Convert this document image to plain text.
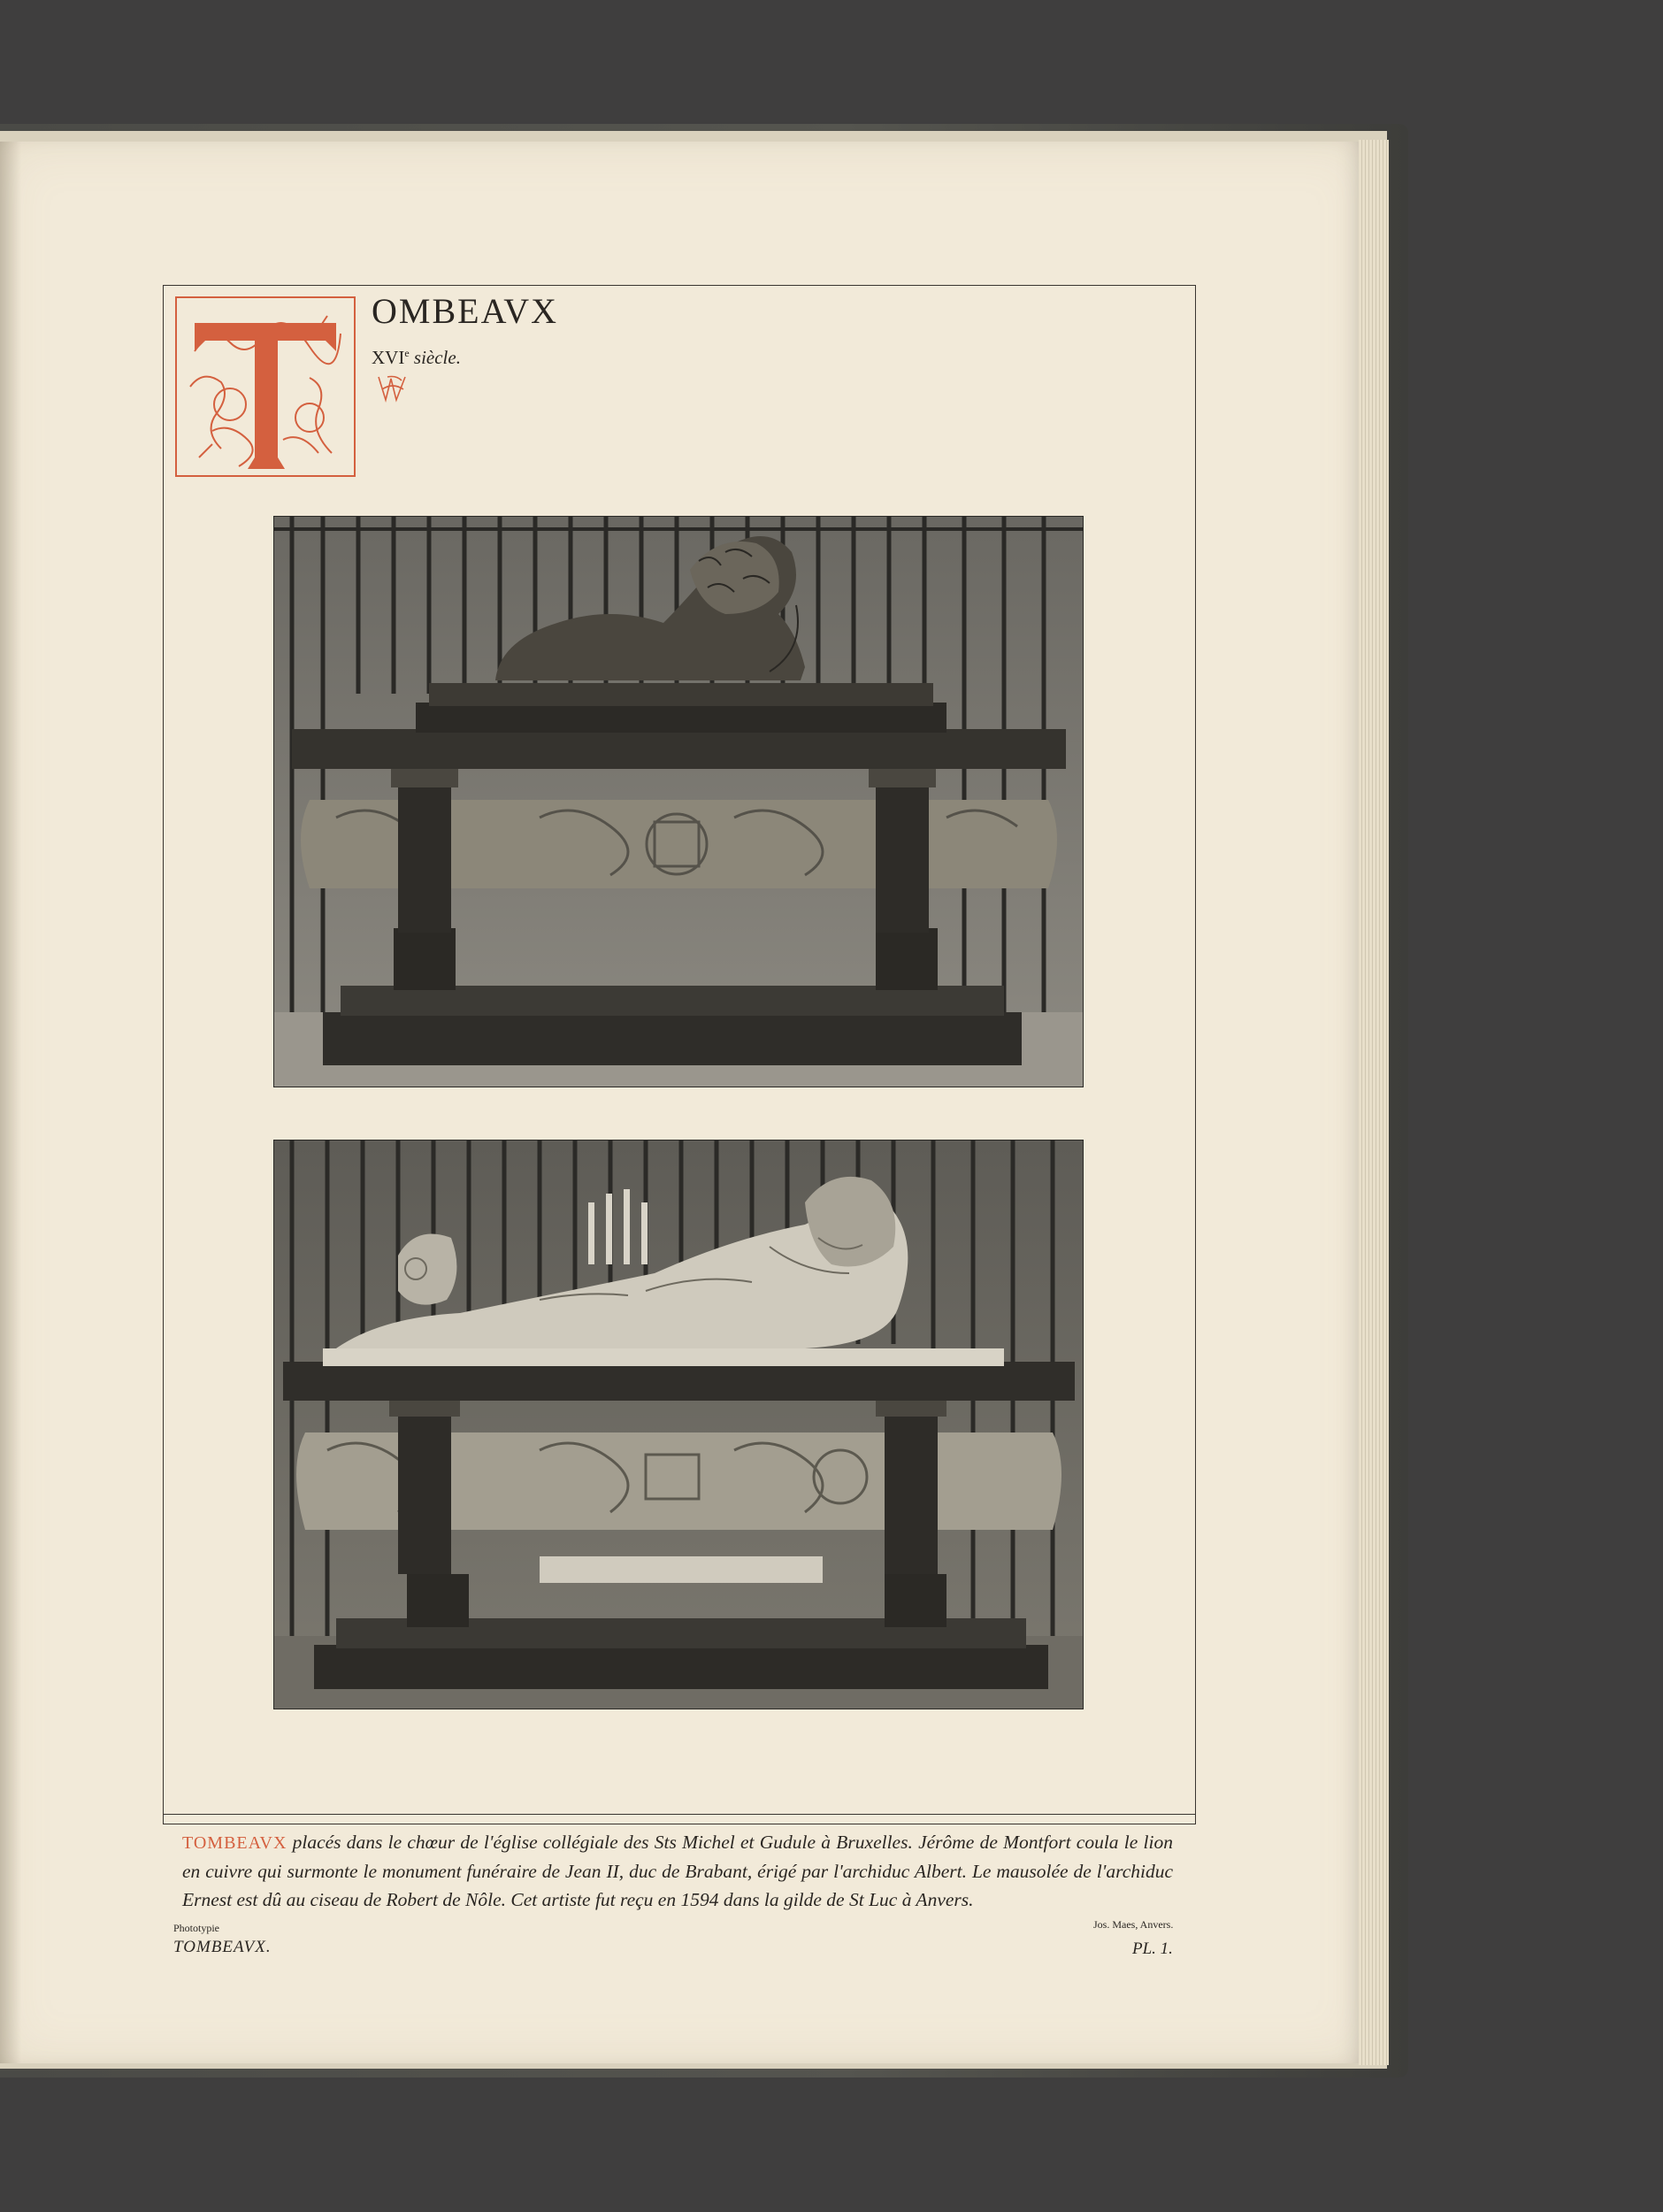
OMBEAVX
XVIe siècle.
TOMBEAVX placés dans le chœur de l'église collégiale des Sts Michel et Gudule à Bruxelles. Jérôme de Montfort coula le lion en cuivre qui surmonte le monument funéraire de Jean II, duc de Brabant, érigé par l'archiduc Albert. Le mausolée de l'archiduc Ernest est dû au ciseau de Robert de Nôle. Cet artiste fut reçu en 1594 dans la gilde de St Luc à Anvers.
Phototypie
TOMBEAVX.
Jos. Maes, Anvers.
PL. 1.
